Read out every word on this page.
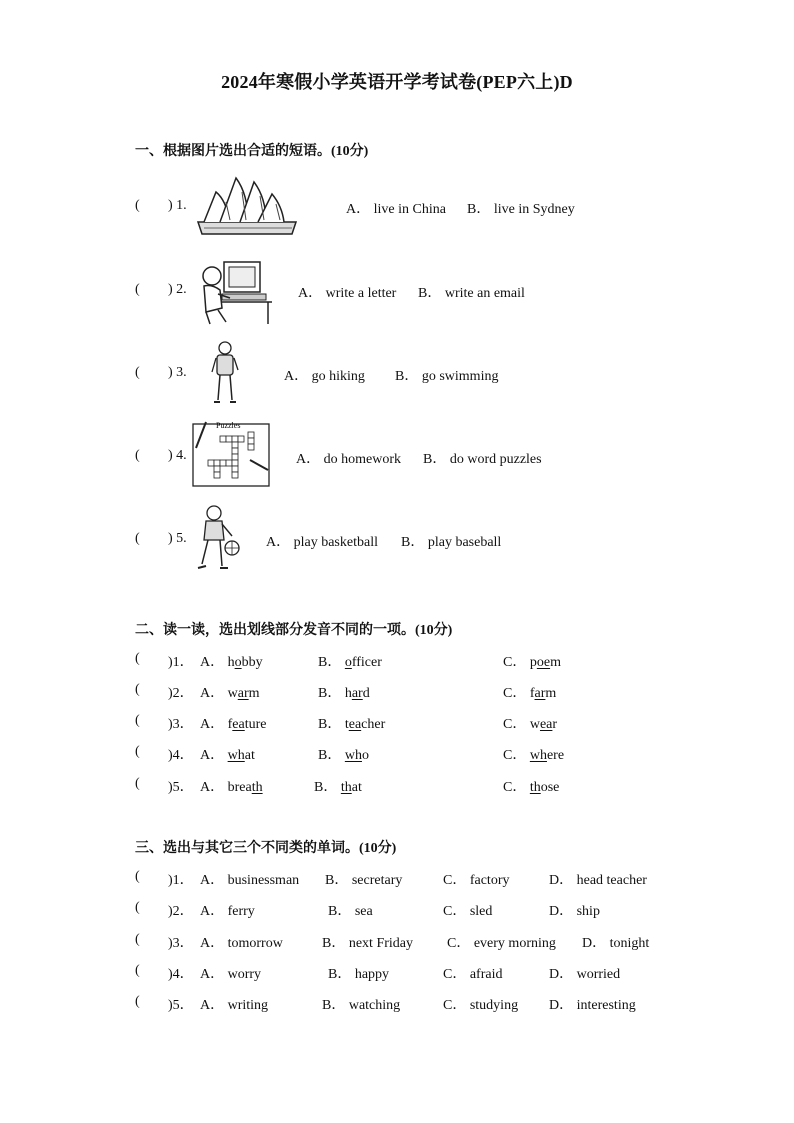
2024年寒假小学英语开学考试卷(PEP六上)D
一、根据图片选出合适的短语。(10分)
( ) 1.	A． live in China B． live in Sydney
( ) 2.	A． write a letter B． write an email
( ) 3.	A． go hiking B． go swimming
Puzzles
( ) 4.	A． do homework B． do word puzzles
( ) 5.	A． play basketball B． play baseball
二、读一读，选出划线部分发音不同的一项。(10分)
( )1． A． hobby	B． officer	C． poem
( )2． A． warm	B． hard	C． farm
( )3． A． feature	B． teacher	C． wear
( )4． A． what	B． who	C． where
( )5． A． breath	B． that	C． those
三、选出与其它三个不同类的单词。(10分)
( )1． A． businessman B． secretary	C． factory	D． head teacher
( )2． A． ferry	B． sea	C． sled	D． ship
( )3． A． tomorrow	B． next Friday C． every morning D． tonight
( )4． A． worry	B． happy	C． afraid	D． worried
( )5． A． writing	B． watching	C． studying D． interesting
